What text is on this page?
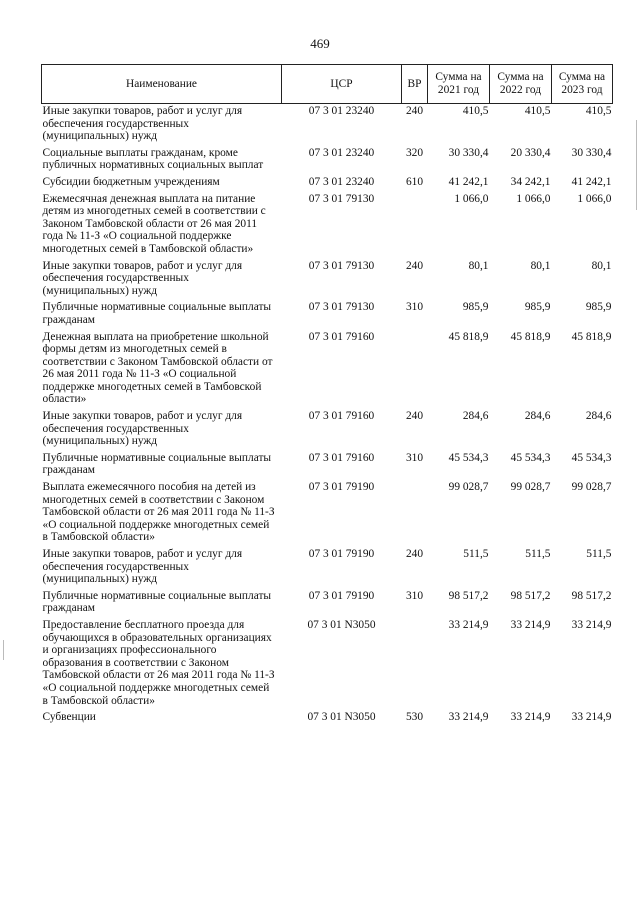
469
Наименование	ЦСР	ВР	Сумма на 2021 год	Сумма на 2022 год	Сумма на 2023 год
Иные закупки товаров, работ и услуг для обеспечения государственных (муниципальных) нужд	07 3 01 23240	240	410,5	410,5	410,5
Социальные выплаты гражданам, кроме публичных нормативных социальных выплат	07 3 01 23240	320	30 330,4	20 330,4	30 330,4
Субсидии бюджетным учреждениям	07 3 01 23240	610	41 242,1	34 242,1	41 242,1
Ежемесячная денежная выплата на питание детям из многодетных семей в соответствии с Законом Тамбовской области от 26 мая 2011 года № 11-З «О социальной поддержке многодетных семей в Тамбовской области»	07 3 01 79130		1 066,0	1 066,0	1 066,0
Иные закупки товаров, работ и услуг для обеспечения государственных (муниципальных) нужд	07 3 01 79130	240	80,1	80,1	80,1
Публичные нормативные социальные выплаты гражданам	07 3 01 79130	310	985,9	985,9	985,9
Денежная выплата на приобретение школьной формы детям из многодетных семей в соответствии с Законом Тамбовской области от 26 мая 2011 года № 11-З «О социальной поддержке многодетных семей в Тамбовской области»	07 3 01 79160		45 818,9	45 818,9	45 818,9
Иные закупки товаров, работ и услуг для обеспечения государственных (муниципальных) нужд	07 3 01 79160	240	284,6	284,6	284,6
Публичные нормативные социальные выплаты гражданам	07 3 01 79160	310	45 534,3	45 534,3	45 534,3
Выплата ежемесячного пособия на детей из многодетных семей в соответствии с Законом Тамбовской области от 26 мая 2011 года № 11-З «О социальной поддержке многодетных семей в Тамбовской области»	07 3 01 79190		99 028,7	99 028,7	99 028,7
Иные закупки товаров, работ и услуг для обеспечения государственных (муниципальных) нужд	07 3 01 79190	240	511,5	511,5	511,5
Публичные нормативные социальные выплаты гражданам	07 3 01 79190	310	98 517,2	98 517,2	98 517,2
Предоставление бесплатного проезда для обучающихся в образовательных организациях и организациях профессионального образования в соответствии с Законом Тамбовской области от 26 мая 2011 года № 11-З «О социальной поддержке многодетных семей в Тамбовской области»	07 3 01 N3050		33 214,9	33 214,9	33 214,9
Субвенции	07 3 01 N3050	530	33 214,9	33 214,9	33 214,9
